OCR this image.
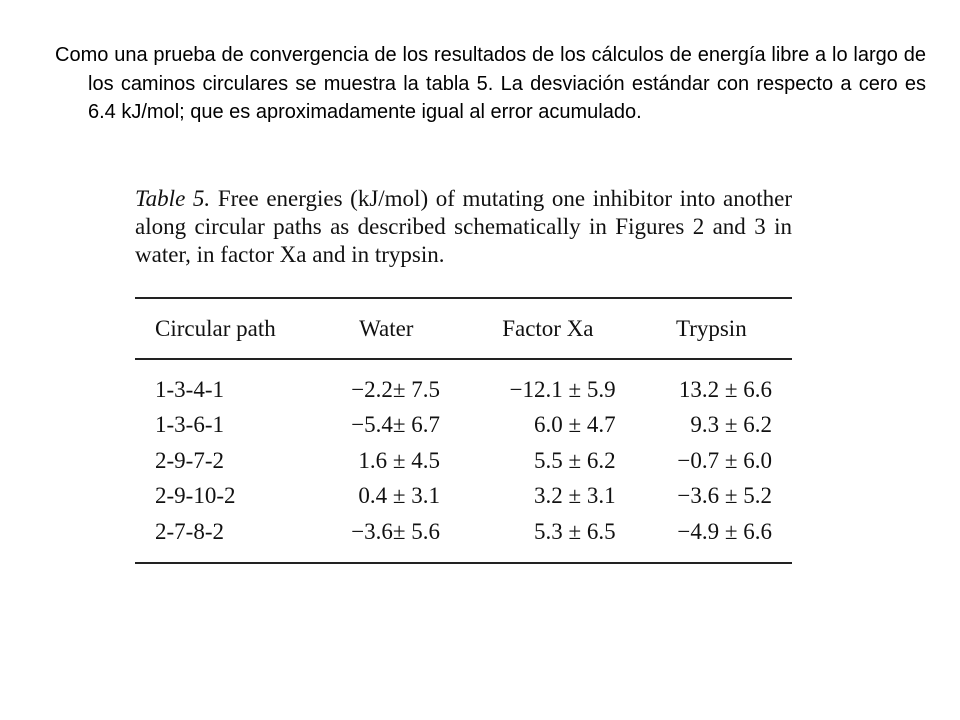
Como una prueba de convergencia de los resultados de los cálculos de energía libre a lo largo de los caminos circulares se muestra la tabla 5. La desviación estándar con respecto a cero es 6.4 kJ/mol; que es aproximadamente igual al error acumulado.

Table 5. Free energies (kJ/mol) of mutating one inhibitor into another along circular paths as described schematically in Figures 2 and 3 in water, in factor Xa and in trypsin.

Circular path	Water	Factor Xa	Trypsin
1-3-4-1	−2.2± 7.5	−12.1 ± 5.9	13.2 ± 6.6
1-3-6-1	−5.4± 6.7	6.0 ± 4.7	9.3 ± 6.2
2-9-7-2	1.6 ± 4.5	5.5 ± 6.2	−0.7 ± 6.0
2-9-10-2	0.4 ± 3.1	3.2 ± 3.1	−3.6 ± 5.2
2-7-8-2	−3.6± 5.6	5.3 ± 6.5	−4.9 ± 6.6
